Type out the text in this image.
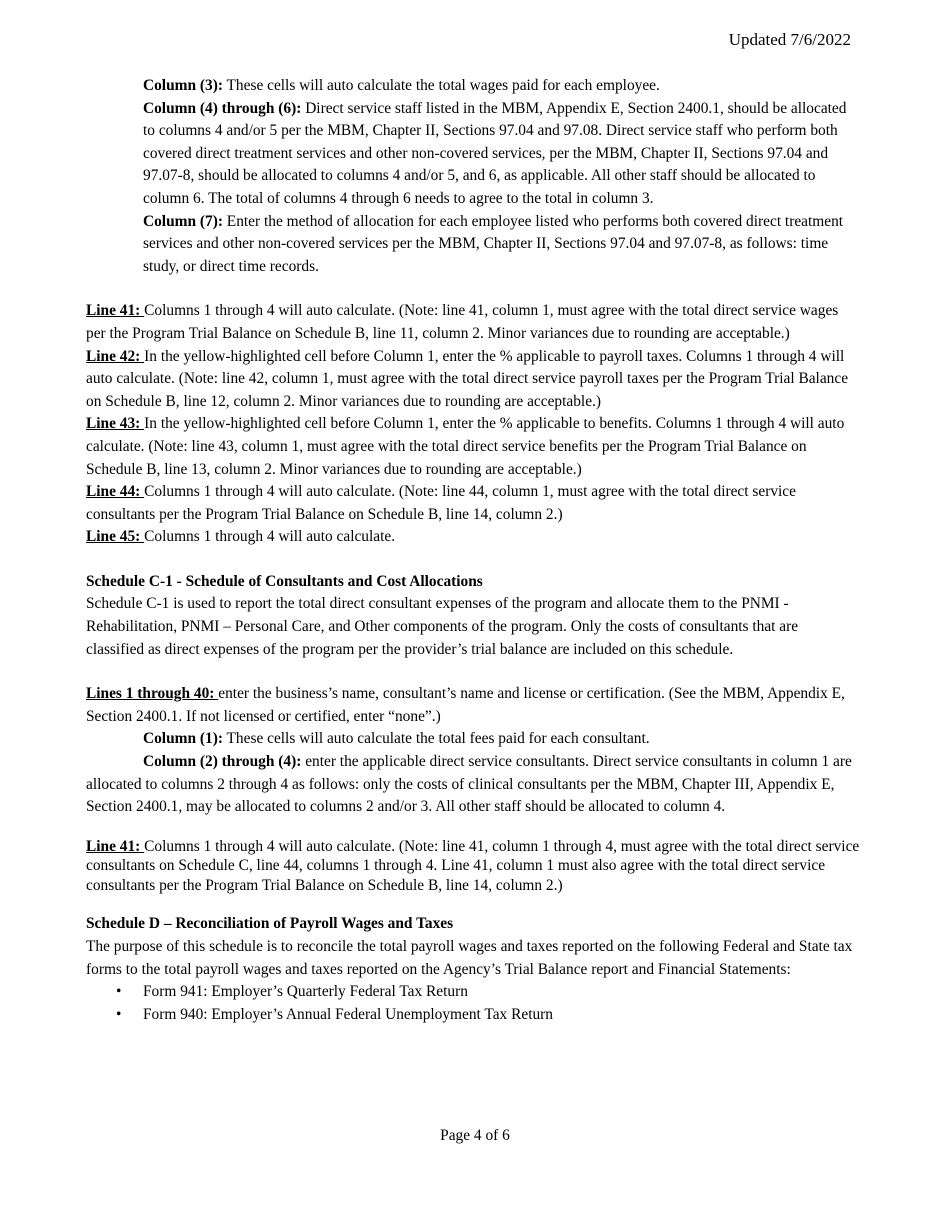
Updated 7/6/2022

Column (3): These cells will auto calculate the total wages paid for each employee.

Column (4) through (6): Direct service staff listed in the MBM, Appendix E, Section 2400.1, should be allocated to columns 4 and/or 5 per the MBM, Chapter II, Sections 97.04 and 97.08. Direct service staff who perform both covered direct treatment services and other non-covered services, per the MBM, Chapter II, Sections 97.04 and 97.07-8, should be allocated to columns 4 and/or 5, and 6, as applicable. All other staff should be allocated to column 6. The total of columns 4 through 6 needs to agree to the total in column 3.

Column (7): Enter the method of allocation for each employee listed who performs both covered direct treatment services and other non-covered services per the MBM, Chapter II, Sections 97.04 and 97.07-8, as follows: time study, or direct time records.

Line 41: Columns 1 through 4 will auto calculate. (Note: line 41, column 1, must agree with the total direct service wages per the Program Trial Balance on Schedule B, line 11, column 2. Minor variances due to rounding are acceptable.)

Line 42: In the yellow-highlighted cell before Column 1, enter the % applicable to payroll taxes. Columns 1 through 4 will auto calculate. (Note: line 42, column 1, must agree with the total direct service payroll taxes per the Program Trial Balance on Schedule B, line 12, column 2. Minor variances due to rounding are acceptable.)

Line 43: In the yellow-highlighted cell before Column 1, enter the % applicable to benefits. Columns 1 through 4 will auto calculate. (Note: line 43, column 1, must agree with the total direct service benefits per the Program Trial Balance on Schedule B, line 13, column 2. Minor variances due to rounding are acceptable.)

Line 44: Columns 1 through 4 will auto calculate. (Note: line 44, column 1, must agree with the total direct service consultants per the Program Trial Balance on Schedule B, line 14, column 2.)

Line 45: Columns 1 through 4 will auto calculate.

Schedule C-1 - Schedule of Consultants and Cost Allocations

Schedule C-1 is used to report the total direct consultant expenses of the program and allocate them to the PNMI -Rehabilitation, PNMI – Personal Care, and Other components of the program. Only the costs of consultants that are classified as direct expenses of the program per the provider’s trial balance are included on this schedule.

Lines 1 through 40: enter the business’s name, consultant’s name and license or certification. (See the MBM, Appendix E, Section 2400.1. If not licensed or certified, enter “none”.)

Column (1): These cells will auto calculate the total fees paid for each consultant.

Column (2) through (4): enter the applicable direct service consultants. Direct service consultants in column 1 are allocated to columns 2 through 4 as follows: only the costs of clinical consultants per the MBM, Chapter III, Appendix E, Section 2400.1, may be allocated to columns 2 and/or 3. All other staff should be allocated to column 4.

Line 41: Columns 1 through 4 will auto calculate. (Note: line 41, column 1 through 4, must agree with the total direct service consultants on Schedule C, line 44, columns 1 through 4. Line 41, column 1 must also agree with the total direct service consultants per the Program Trial Balance on Schedule B, line 14, column 2.)

Schedule D – Reconciliation of Payroll Wages and Taxes

The purpose of this schedule is to reconcile the total payroll wages and taxes reported on the following Federal and State tax forms to the total payroll wages and taxes reported on the Agency’s Trial Balance report and Financial Statements:

• Form 941: Employer’s Quarterly Federal Tax Return
• Form 940: Employer’s Annual Federal Unemployment Tax Return
Page 4 of 6
